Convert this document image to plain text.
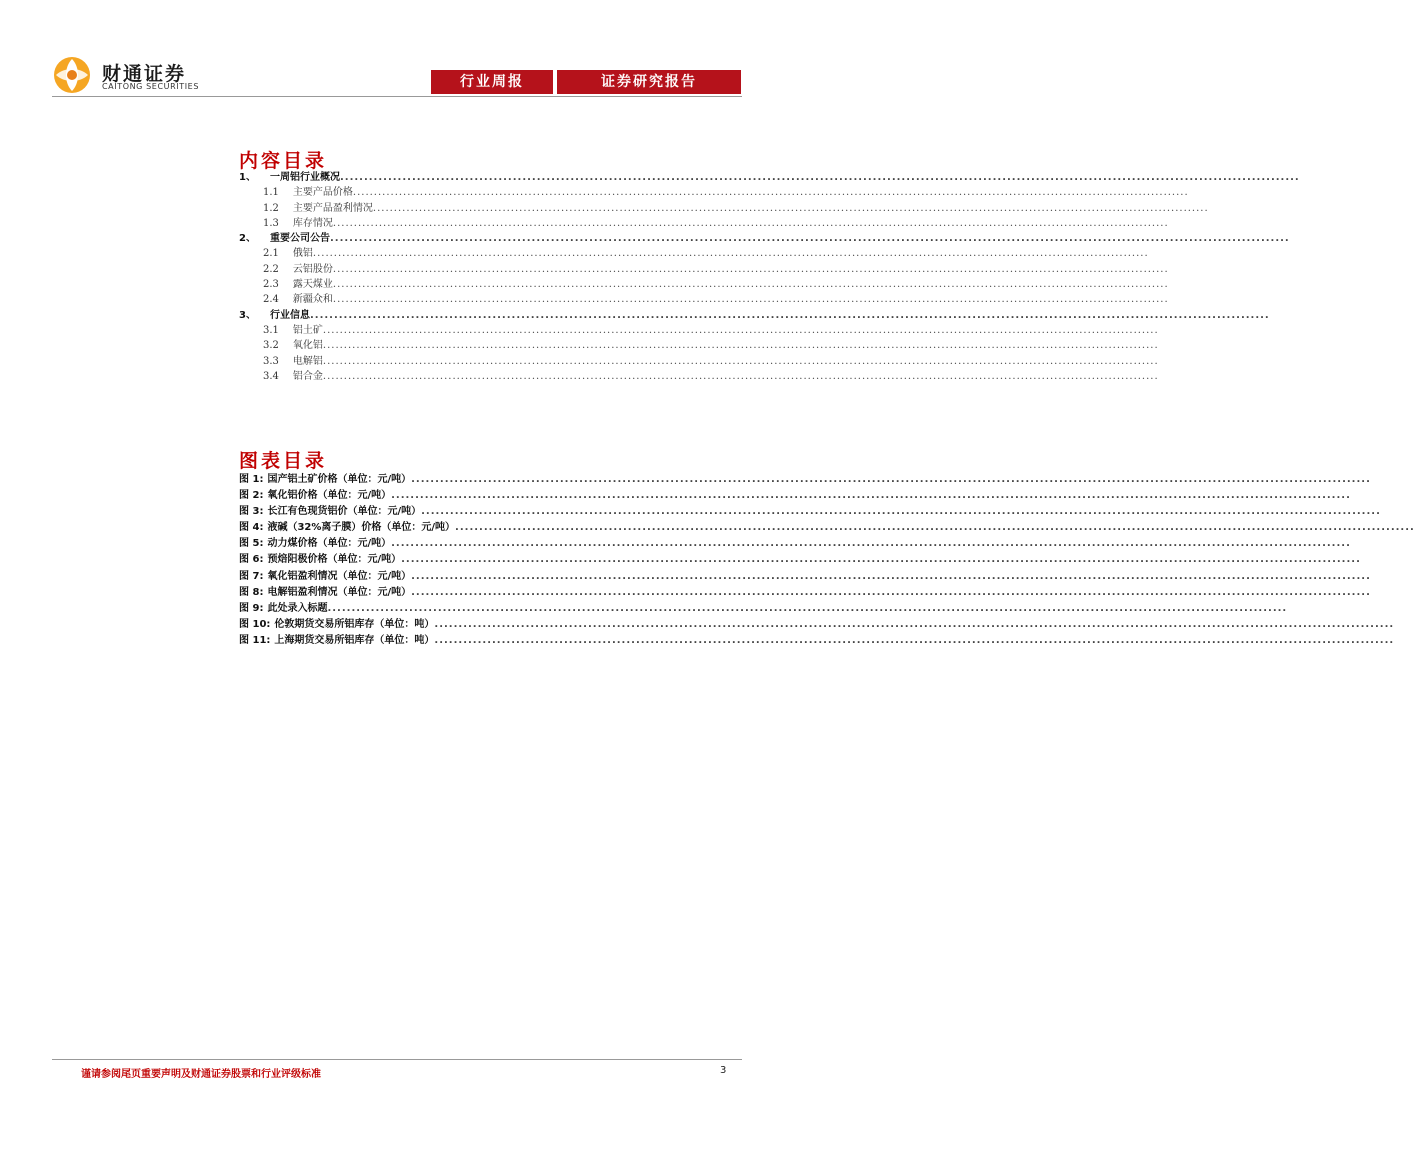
财通证券
CAITONG SECURITIES	行业周报	证券研究报告
内容目录
1、 一周铝行业概况 ........................................................................................................................................................................................................
1.1 主要产品价格 ........................................................................................................................................................................................................
1.2 主要产品盈利情况 ........................................................................................................................................................................................................
1.3 库存情况 ........................................................................................................................................................................................................
2、 重要公司公告 ........................................................................................................................................................................................................
2.1 俄铝 ........................................................................................................................................................................................................
2.2 云铝股份 ........................................................................................................................................................................................................
2.3 露天煤业 ........................................................................................................................................................................................................
2.4 新疆众和 ........................................................................................................................................................................................................
3、 行业信息 ........................................................................................................................................................................................................
3.1 铝土矿 ........................................................................................................................................................................................................
3.2 氧化铝 ........................................................................................................................................................................................................
3.3 电解铝 ........................................................................................................................................................................................................
3.4 铝合金 ........................................................................................................................................................................................................
图表目录
图 1: 国产铝土矿价格（单位：元/吨） ........................................................................................................................................................................................................
图 2: 氧化铝价格（单位：元/吨） ........................................................................................................................................................................................................
图 3: 长江有色现货铝价（单位：元/吨） ........................................................................................................................................................................................................
图 4: 液碱（32%离子膜）价格（单位：元/吨） ........................................................................................................................................................................................................
图 5: 动力煤价格（单位：元/吨） ........................................................................................................................................................................................................
图 6: 预焙阳极价格（单位：元/吨） ........................................................................................................................................................................................................
图 7: 氧化铝盈利情况（单位：元/吨） ........................................................................................................................................................................................................
图 8: 电解铝盈利情况（单位：元/吨） ........................................................................................................................................................................................................
图 9: 此处录入标题 ........................................................................................................................................................................................................
图 10: 伦敦期货交易所铝库存（单位：吨） ........................................................................................................................................................................................................
图 11: 上海期货交易所铝库存（单位：吨） ........................................................................................................................................................................................................
谨请参阅尾页重要声明及财通证券股票和行业评级标准	3
